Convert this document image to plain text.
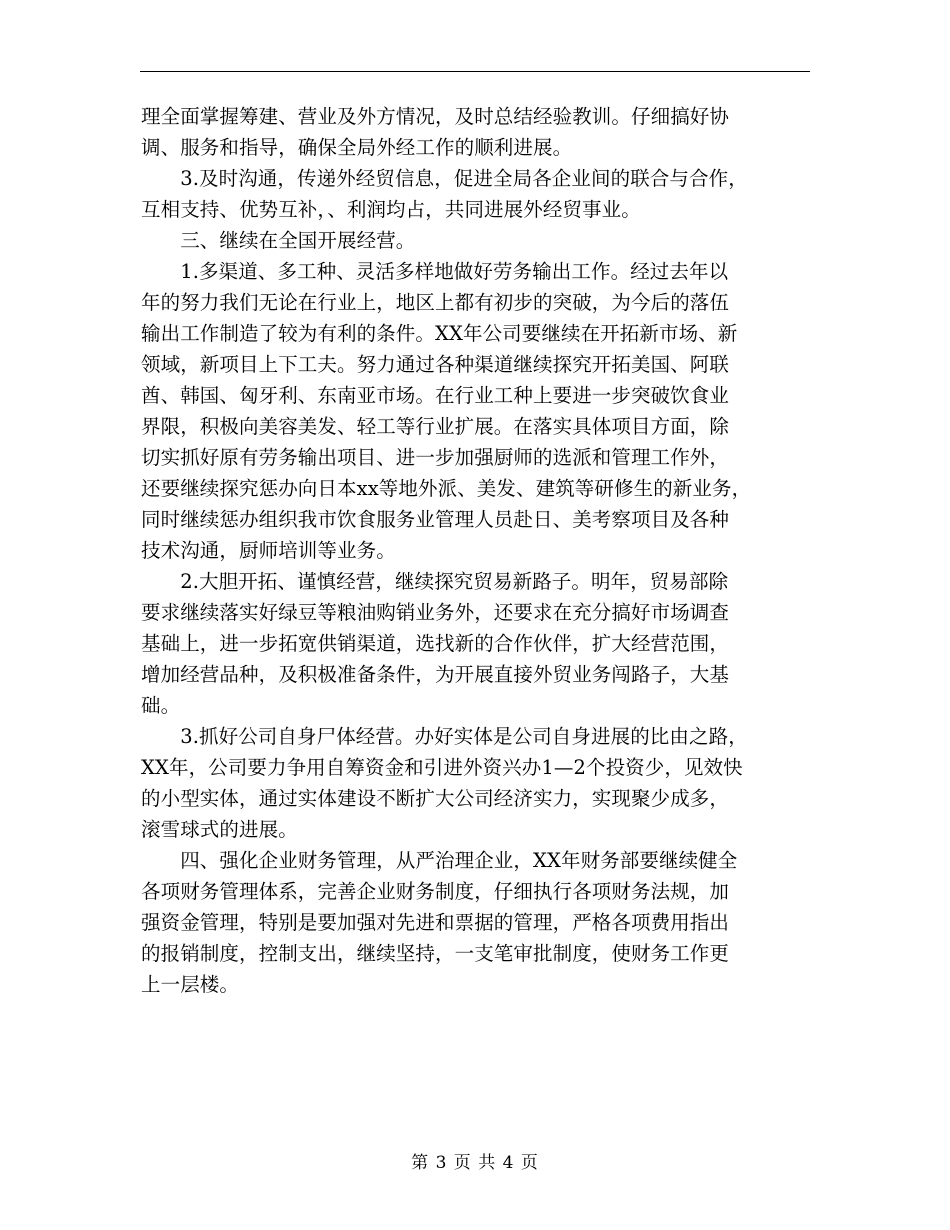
理全面掌握筹建、营业及外方情况，及时总结经验教训。仔细搞好协
调、服务和指导，确保全局外经工作的顺利进展。
　　3.及时沟通，传递外经贸信息，促进全局各企业间的联合与合作，
互相支持、优势互补，、利润均占，共同进展外经贸事业。
　　三、继续在全国开展经营。
　　1.多渠道、多工种、灵活多样地做好劳务输出工作。经过去年以
年的努力我们无论在行业上，地区上都有初步的突破，为今后的落伍
输出工作制造了较为有利的条件。XX年公司要继续在开拓新市场、新
领域，新项目上下工夫。努力通过各种渠道继续探究开拓美国、阿联
酋、韩国、匈牙利、东南亚市场。在行业工种上要进一步突破饮食业
界限，积极向美容美发、轻工等行业扩展。在落实具体项目方面，除
切实抓好原有劳务输出项目、进一步加强厨师的选派和管理工作外，
还要继续探究惩办向日本xx等地外派、美发、建筑等研修生的新业务，
同时继续惩办组织我市饮食服务业管理人员赴日、美考察项目及各种
技术沟通，厨师培训等业务。
　　2.大胆开拓、谨慎经营，继续探究贸易新路子。明年，贸易部除
要求继续落实好绿豆等粮油购销业务外，还要求在充分搞好市场调查
基础上，进一步拓宽供销渠道，选找新的合作伙伴，扩大经营范围，
增加经营品种，及积极准备条件，为开展直接外贸业务闯路子，大基
础。
　　3.抓好公司自身尸体经营。办好实体是公司自身进展的比由之路，
XX年，公司要力争用自筹资金和引进外资兴办1—2个投资少，见效快
的小型实体，通过实体建设不断扩大公司经济实力，实现聚少成多，
滚雪球式的进展。
　　四、强化企业财务管理，从严治理企业，XX年财务部要继续健全
各项财务管理体系，完善企业财务制度，仔细执行各项财务法规，加
强资金管理，特别是要加强对先进和票据的管理，严格各项费用指出
的报销制度，控制支出，继续坚持，一支笔审批制度，使财务工作更
上一层楼。
第 3 页 共 4 页
